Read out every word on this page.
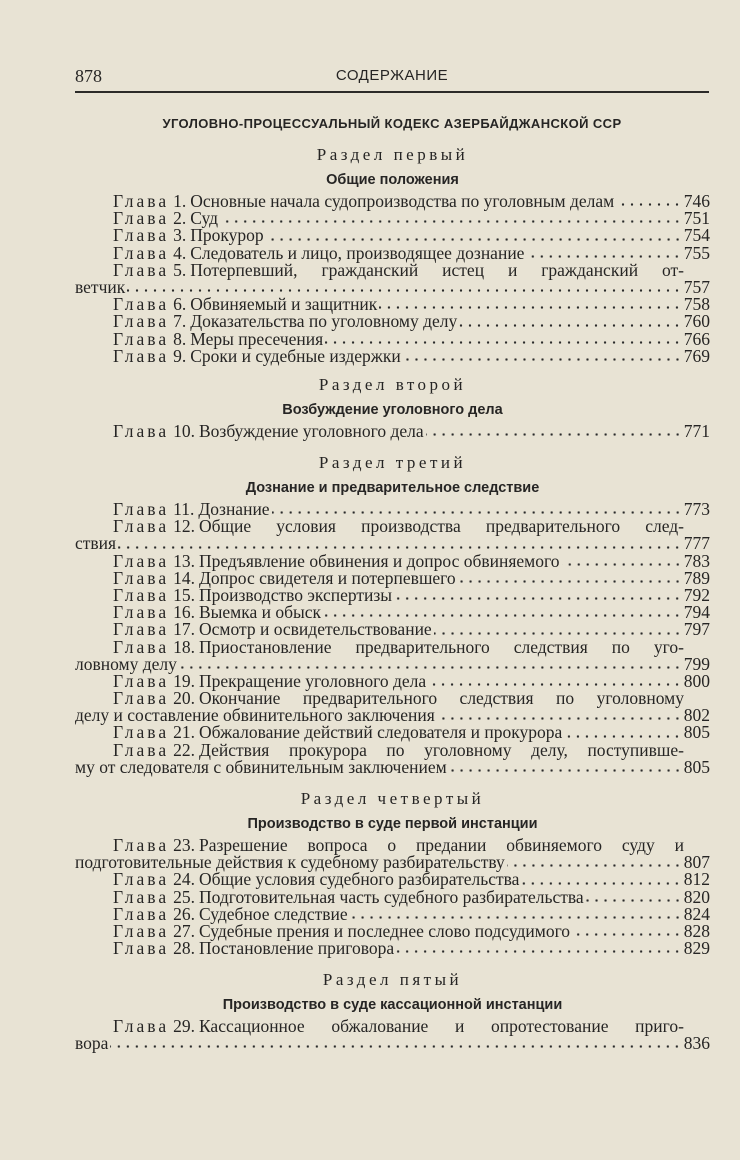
878	СОДЕРЖАНИЕ
УГОЛОВНО-ПРОЦЕССУАЛЬНЫЙ КОДЕКС АЗЕРБАЙДЖАНСКОЙ ССР
Раздел первый
Общие положения
Глава 1. Основные начала судопроизводства по уголовным делам	746
Глава 2. Суд	751
Глава 3. Прокурор	754
Глава 4. Следователь и лицо, производящее дознание	755
Глава 5. Потерпевший, гражданский истец и гражданский от-
ветчик	757
Глава 6. Обвиняемый и защитник	758
Глава 7. Доказательства по уголовному делу	760
Глава 8. Меры пресечения	766
Глава 9. Сроки и судебные издержки	769
Раздел второй
Возбуждение уголовного дела
Глава 10. Возбуждение уголовного дела	771
Раздел третий
Дознание и предварительное следствие
Глава 11. Дознание	773
Глава 12. Общие условия производства предварительного след-
ствия	777
Глава 13. Предъявление обвинения и допрос обвиняемого	783
Глава 14. Допрос свидетеля и потерпевшего	789
Глава 15. Производство экспертизы	792
Глава 16. Выемка и обыск	794
Глава 17. Осмотр и освидетельствование	797
Глава 18. Приостановление предварительного следствия по уго-
ловному делу	799
Глава 19. Прекращение уголовного дела	800
Глава 20. Окончание предварительного следствия по уголовному
делу и составление обвинительного заключения	802
Глава 21. Обжалование действий следователя и прокурора	805
Глава 22. Действия прокурора по уголовному делу, поступивше-
му от следователя с обвинительным заключением	805
Раздел четвертый
Производство в суде первой инстанции
Глава 23. Разрешение вопроса о предании обвиняемого суду и
подготовительные действия к судебному разбирательству	807
Глава 24. Общие условия судебного разбирательства	812
Глава 25. Подготовительная часть судебного разбирательства	820
Глава 26. Судебное следствие	824
Глава 27. Судебные прения и последнее слово подсудимого	828
Глава 28. Постановление приговора	829
Раздел пятый
Производство в суде кассационной инстанции
Глава 29. Кассационное обжалование и опротестование приго-
вора	836
